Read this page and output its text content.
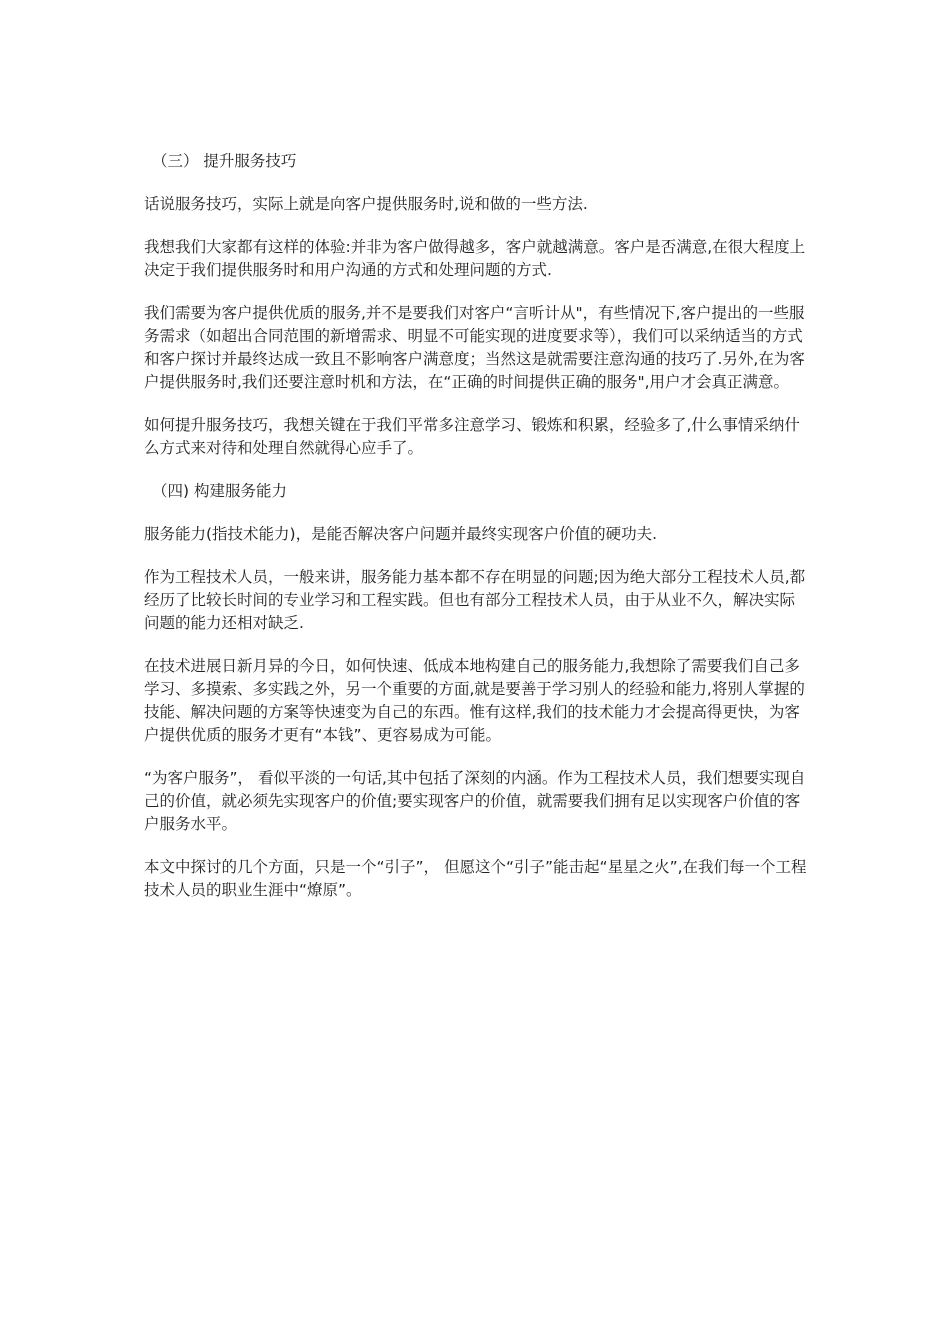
（三） 提升服务技巧

话说服务技巧，实际上就是向客户提供服务时,说和做的一些方法.

我想我们大家都有这样的体验:并非为客户做得越多，客户就越满意。客户是否满意,在很大程度上决定于我们提供服务时和用户沟通的方式和处理问题的方式.

我们需要为客户提供优质的服务,并不是要我们对客户“言听计从"，有些情况下,客户提出的一些服务需求（如超出合同范围的新增需求、明显不可能实现的进度要求等），我们可以采纳适当的方式和客户探讨并最终达成一致且不影响客户满意度；当然这是就需要注意沟通的技巧了.另外,在为客户提供服务时,我们还要注意时机和方法，在“正确的时间提供正确的服务",用户才会真正满意。

如何提升服务技巧，我想关键在于我们平常多注意学习、锻炼和积累，经验多了,什么事情采纳什么方式来对待和处理自然就得心应手了。

（四) 构建服务能力

服务能力(指技术能力)，是能否解决客户问题并最终实现客户价值的硬功夫.

作为工程技术人员，一般来讲，服务能力基本都不存在明显的问题;因为绝大部分工程技术人员,都经历了比较长时间的专业学习和工程实践。但也有部分工程技术人员，由于从业不久，解决实际问题的能力还相对缺乏.

在技术进展日新月异的今日，如何快速、低成本地构建自己的服务能力,我想除了需要我们自己多学习、多摸索、多实践之外，另一个重要的方面,就是要善于学习别人的经验和能力,将别人掌握的技能、解决问题的方案等快速变为自己的东西。惟有这样,我们的技术能力才会提高得更快，为客户提供优质的服务才更有“本钱”、更容易成为可能。

“为客户服务”， 看似平淡的一句话,其中包括了深刻的内涵。作为工程技术人员，我们想要实现自己的价值，就必须先实现客户的价值;要实现客户的价值，就需要我们拥有足以实现客户价值的客户服务水平。

本文中探讨的几个方面，只是一个“引子”， 但愿这个“引子”能击起“星星之火”,在我们每一个工程技术人员的职业生涯中“燎原”。
